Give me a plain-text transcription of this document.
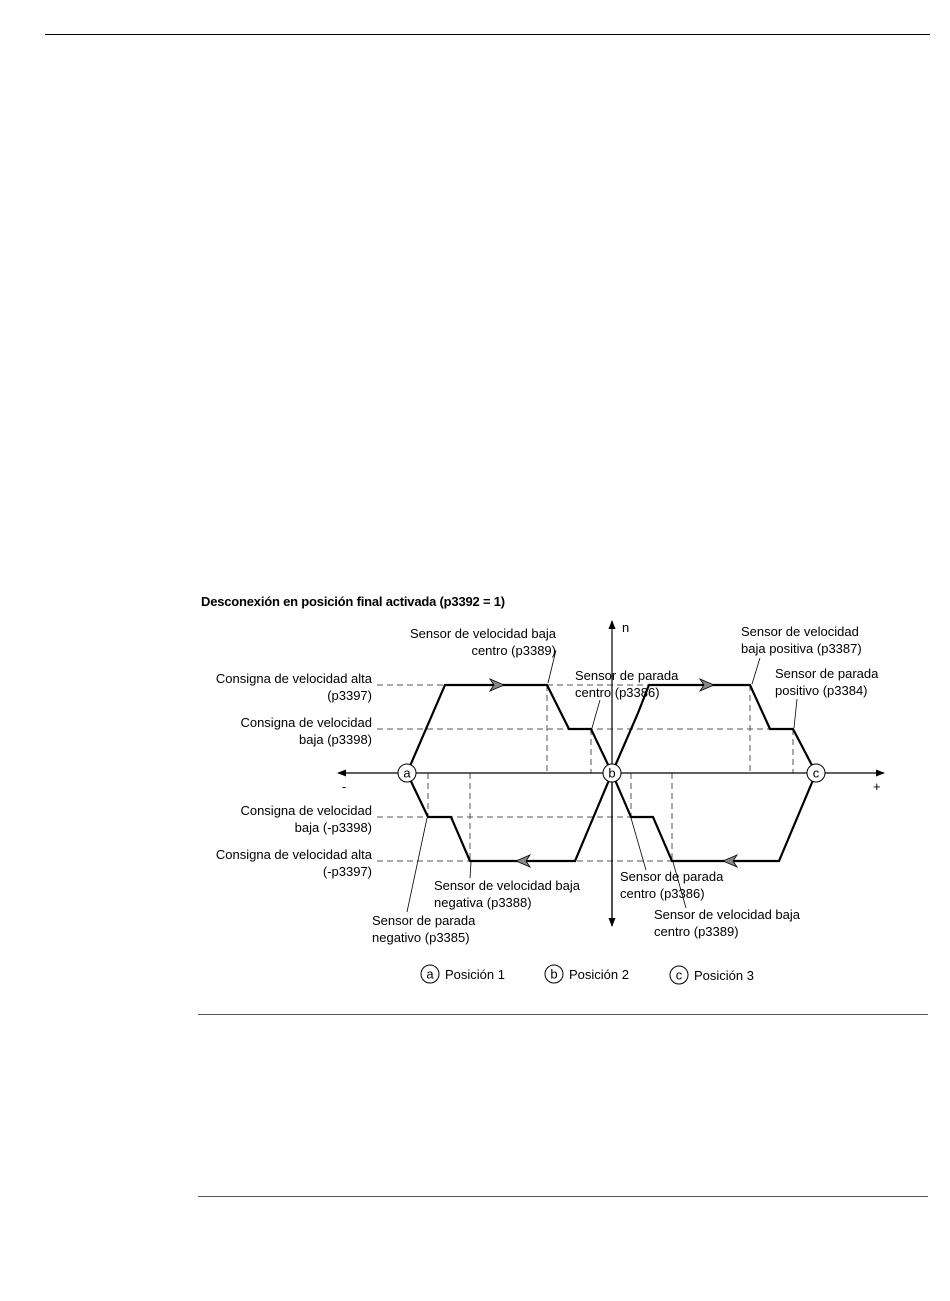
Desconexión en posición final activada (p3392 = 1)
a	b	c
n
-	+
Consigna de velocidad alta
(p3397)
Consigna de velocidad
baja (p3398)
Consigna de velocidad
baja (-p3398)
Consigna de velocidad alta
(-p3397)
Sensor de velocidad baja
centro (p3389)
Sensor de parada
centro (p3386)
Sensor de velocidad
baja positiva (p3387)
Sensor de parada
positivo (p3384)
Sensor de velocidad baja
negativa (p3388)
Sensor de parada
negativo (p3385)
Sensor de parada
centro (p3386)
Sensor de velocidad baja
centro (p3389)
a Posición 1	b Posición 2	c Posición 3
